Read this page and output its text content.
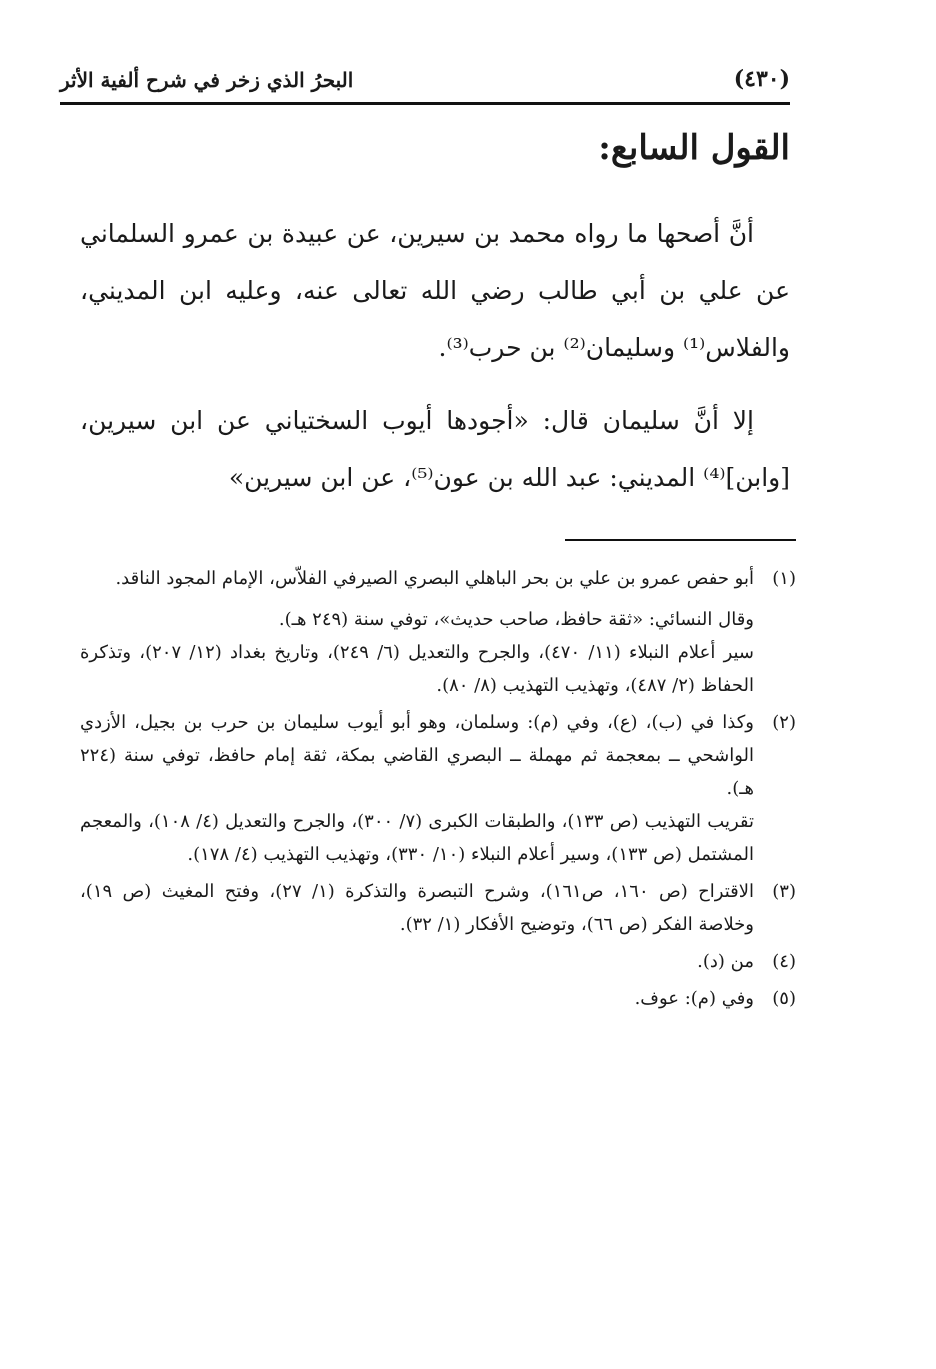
(٤٣٠)
البحرُ الذي زخر في شرح ألفية الأثر
القول السابع:

أنَّ أصحها ما رواه محمد بن سيرين، عن عبيدة بن عمرو السلماني عن علي بن أبي طالب رضي الله تعالى عنه، وعليه ابن المديني، والفلاس⁽¹⁾ وسليمان⁽²⁾ بن حرب⁽³⁾.

إلا أنَّ سليمان قال: «أجودها أيوب السختياني عن ابن سيرين، [وابن]⁽⁴⁾ المديني: عبد الله بن عون⁽⁵⁾، عن ابن سيرين»

(١)

أبو حفص عمرو بن علي بن بحر الباهلي البصري الصيرفي الفلاّس، الإمام المجود الناقد.

وقال النسائي: «ثقة حافظ، صاحب حديث»، توفي سنة (٢٤٩ هـ).

سير أعلام النبلاء (١١/ ٤٧٠)، والجرح والتعديل (٦/ ٢٤٩)، وتاريخ بغداد (١٢/ ٢٠٧)، وتذكرة الحفاظ (٢/ ٤٨٧)، وتهذيب التهذيب (٨/ ٨٠).

(٢)

وكذا في (ب)، (ع)، وفي (م): وسلمان، وهو أبو أيوب سليمان بن حرب بن بجيل، الأزدي الواشحي ــ بمعجمة ثم مهملة ــ البصري القاضي بمكة، ثقة إمام حافظ، توفي سنة (٢٢٤ هـ).

تقريب التهذيب (ص ١٣٣)، والطبقات الكبرى (٧/ ٣٠٠)، والجرح والتعديل (٤/ ١٠٨)، والمعجم المشتمل (ص ١٣٣)، وسير أعلام النبلاء (١٠/ ٣٣٠)، وتهذيب التهذيب (٤/ ١٧٨).

(٣)

الاقتراح (ص ١٦٠، ص١٦١)، وشرح التبصرة والتذكرة (١/ ٢٧)، وفتح المغيث (ص ١٩)، وخلاصة الفكر (ص ٦٦)، وتوضيح الأفكار (١/ ٣٢).

(٤)

من (د).

(٥)

وفي (م): عوف.
